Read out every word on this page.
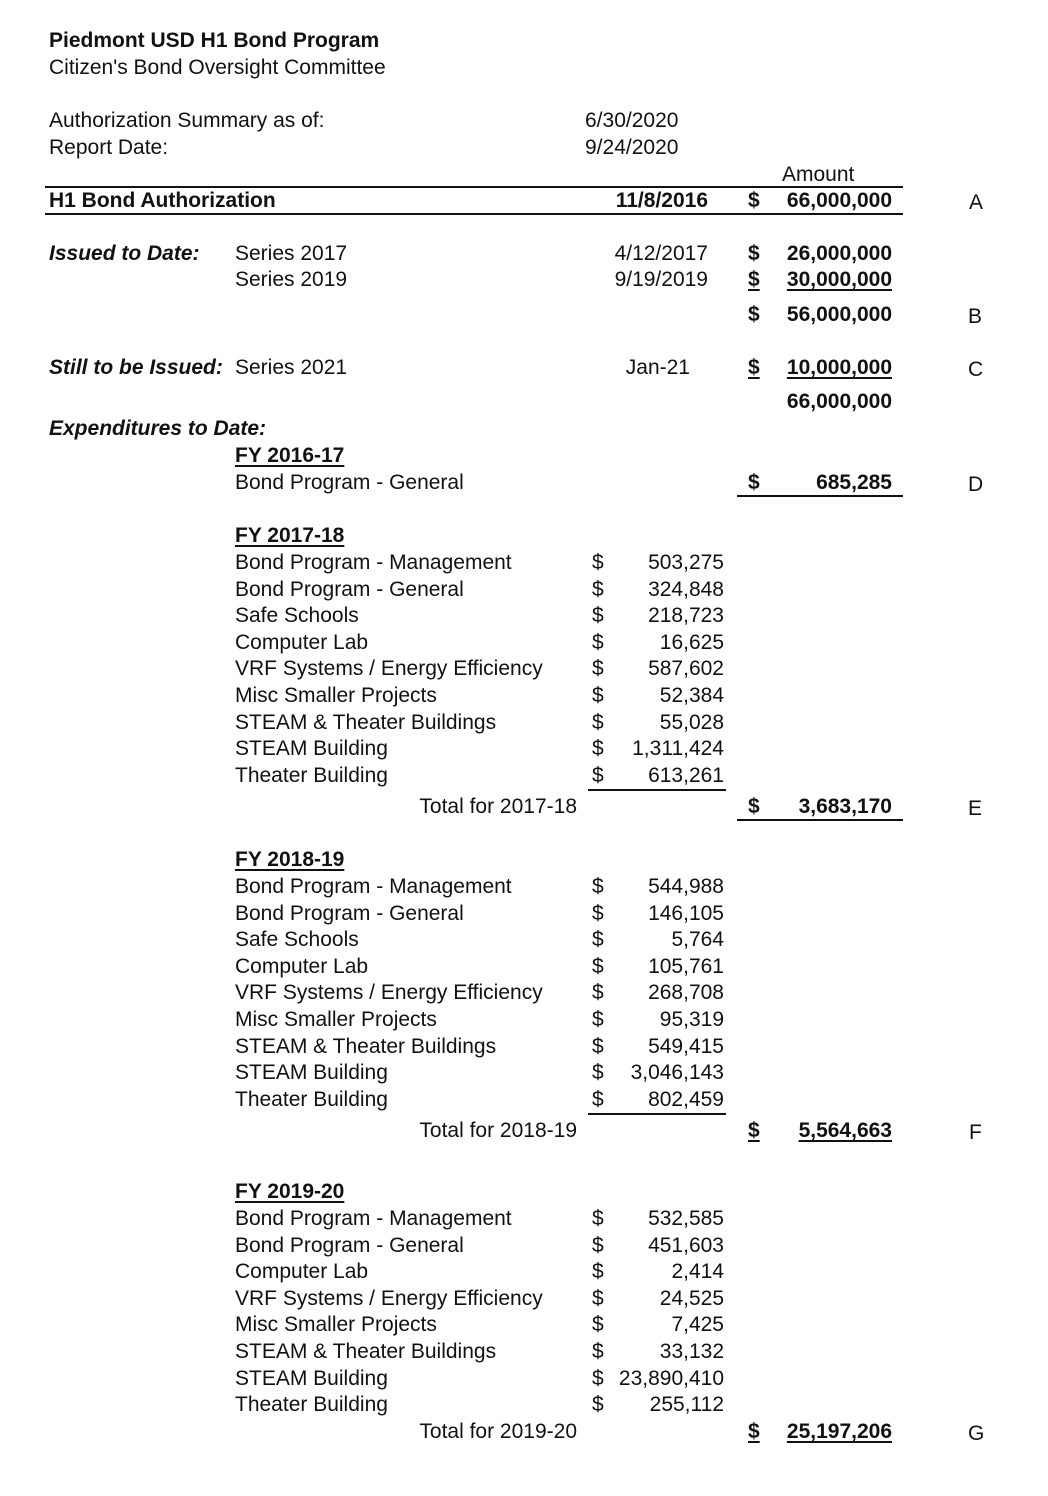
Piedmont USD H1 Bond Program
Citizen's Bond Oversight Committee
Authorization Summary as of:	6/30/2020
Report Date:	9/24/2020
Amount
H1 Bond Authorization	11/8/2016 $	66,000,000	A
Issued to Date: Series 2017	4/12/2017 $	26,000,000
Series 2019	9/19/2019 $	30,000,000
$	56,000,000	B
Still to be Issued: Series 2021	Jan-21	$	10,000,000	C
66,000,000
Expenditures to Date:
FY 2016-17
Bond Program - General	$	685,285	D
FY 2017-18
Bond Program - Management	$	503,275
Bond Program - General	$	324,848
Safe Schools	$	218,723
Computer Lab	$	16,625
VRF Systems / Energy Efficiency $	587,602
Misc Smaller Projects	$	52,384
STEAM & Theater Buildings	$	55,028
STEAM Building	$	1,311,424
Theater Building	$	613,261
Total for 2017-18	$	3,683,170	E
FY 2018-19
Bond Program - Management	$	544,988
Bond Program - General	$	146,105
Safe Schools	$	5,764
Computer Lab	$	105,761
VRF Systems / Energy Efficiency $	268,708
Misc Smaller Projects	$	95,319
STEAM & Theater Buildings	$	549,415
STEAM Building	$	3,046,143
Theater Building	$	802,459
Total for 2018-19	$	5,564,663	F
FY 2019-20
Bond Program - Management	$	532,585
Bond Program - General	$	451,603
Computer Lab	$	2,414
VRF Systems / Energy Efficiency $	24,525
Misc Smaller Projects	$	7,425
STEAM & Theater Buildings	$	33,132
STEAM Building	$ 23,890,410
Theater Building	$	255,112
Total for 2019-20	$	25,197,206	G
